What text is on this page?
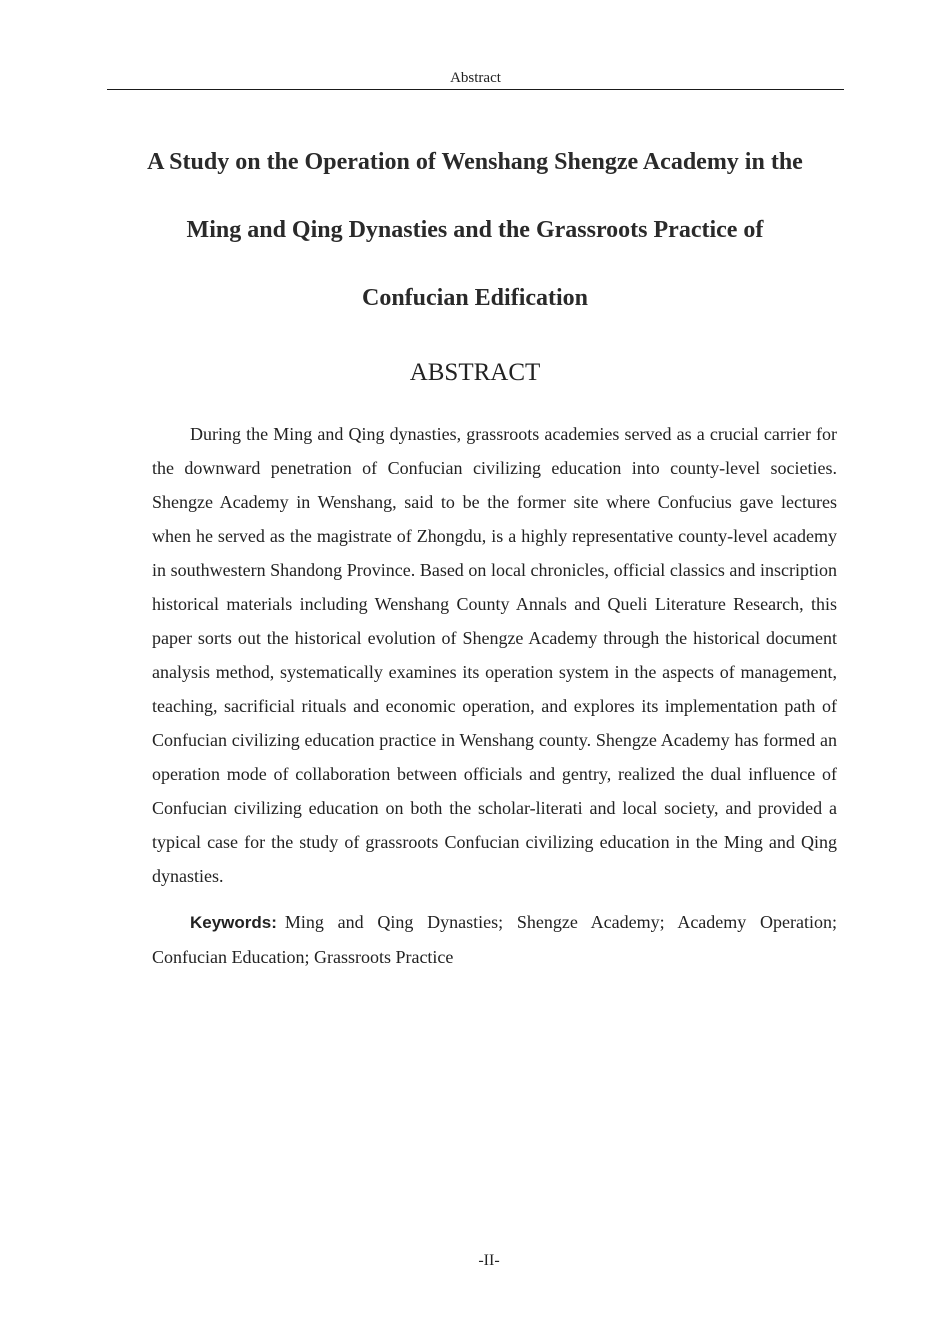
Abstract
A Study on the Operation of Wenshang Shengze Academy in the Ming and Qing Dynasties and the Grassroots Practice of Confucian Edification
ABSTRACT

During the Ming and Qing dynasties, grassroots academies served as a crucial carrier for the downward penetration of Confucian civilizing education into county-level societies. Shengze Academy in Wenshang, said to be the former site where Confucius gave lectures when he served as the magistrate of Zhongdu, is a highly representative county-level academy in southwestern Shandong Province. Based on local chronicles, official classics and inscription historical materials including Wenshang County Annals and Queli Literature Research, this paper sorts out the historical evolution of Shengze Academy through the historical document analysis method, systematically examines its operation system in the aspects of management, teaching, sacrificial rituals and economic operation, and explores its implementation path of Confucian civilizing education practice in Wenshang county. Shengze Academy has formed an operation mode of collaboration between officials and gentry, realized the dual influence of Confucian civilizing education on both the scholar-literati and local society, and provided a typical case for the study of grassroots Confucian civilizing education in the Ming and Qing dynasties.

Keywords: Ming and Qing Dynasties; Shengze Academy; Academy Operation; Confucian Education; Grassroots Practice

-II-
